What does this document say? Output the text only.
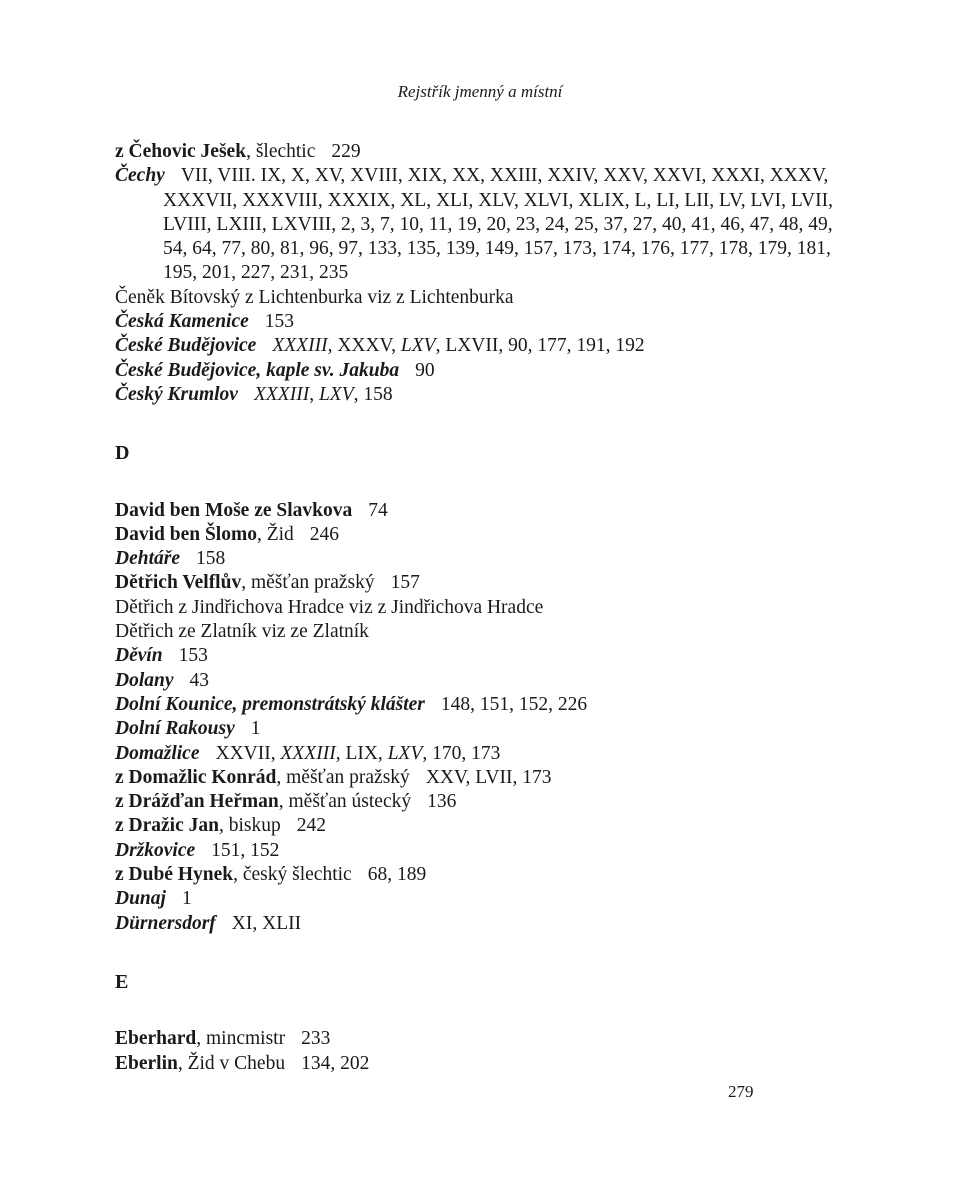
Rejstřík jmenný a místní

z Čehovic Ješek, šlechtic 229

Čechy VII, VIII. IX, X, XV, XVIII, XIX, XX, XXIII, XXIV, XXV, XXVI, XXXI, XXXV, XXXVII, XXXVIII, XXXIX, XL, XLI, XLV, XLVI, XLIX, L, LI, LII, LV, LVI, LVII, LVIII, LXIII, LXVIII, 2, 3, 7, 10, 11, 19, 20, 23, 24, 25, 37, 27, 40, 41, 46, 47, 48, 49, 54, 64, 77, 80, 81, 96, 97, 133, 135, 139, 149, 157, 173, 174, 176, 177, 178, 179, 181, 195, 201, 227, 231, 235

Čeněk Bítovský z Lichtenburka viz z Lichtenburka

Česká Kamenice 153

České Budějovice XXXIII, XXXV, LXV, LXVII, 90, 177, 191, 192

České Budějovice, kaple sv. Jakuba 90

Český Krumlov XXXIII, LXV, 158

D

David ben Moše ze Slavkova 74

David ben Šlomo, Žid 246

Dehtáře 158

Dětřich Velflův, měšťan pražský 157

Dětřich z Jindřichova Hradce viz z Jindřichova Hradce

Dětřich ze Zlatník viz ze Zlatník

Děvín 153

Dolany 43

Dolní Kounice, premonstrátský klášter 148, 151, 152, 226

Dolní Rakousy 1

Domažlice XXVII, XXXIII, LIX, LXV, 170, 173

z Domažlic Konrád, měšťan pražský XXV, LVII, 173

z Drážďan Heřman, měšťan ústecký 136

z Dražic Jan, biskup 242

Držkovice 151, 152

z Dubé Hynek, český šlechtic 68, 189

Dunaj 1

Dürnersdorf XI, XLII

E

Eberhard, mincmistr 233

Eberlin, Žid v Chebu 134, 202

279
